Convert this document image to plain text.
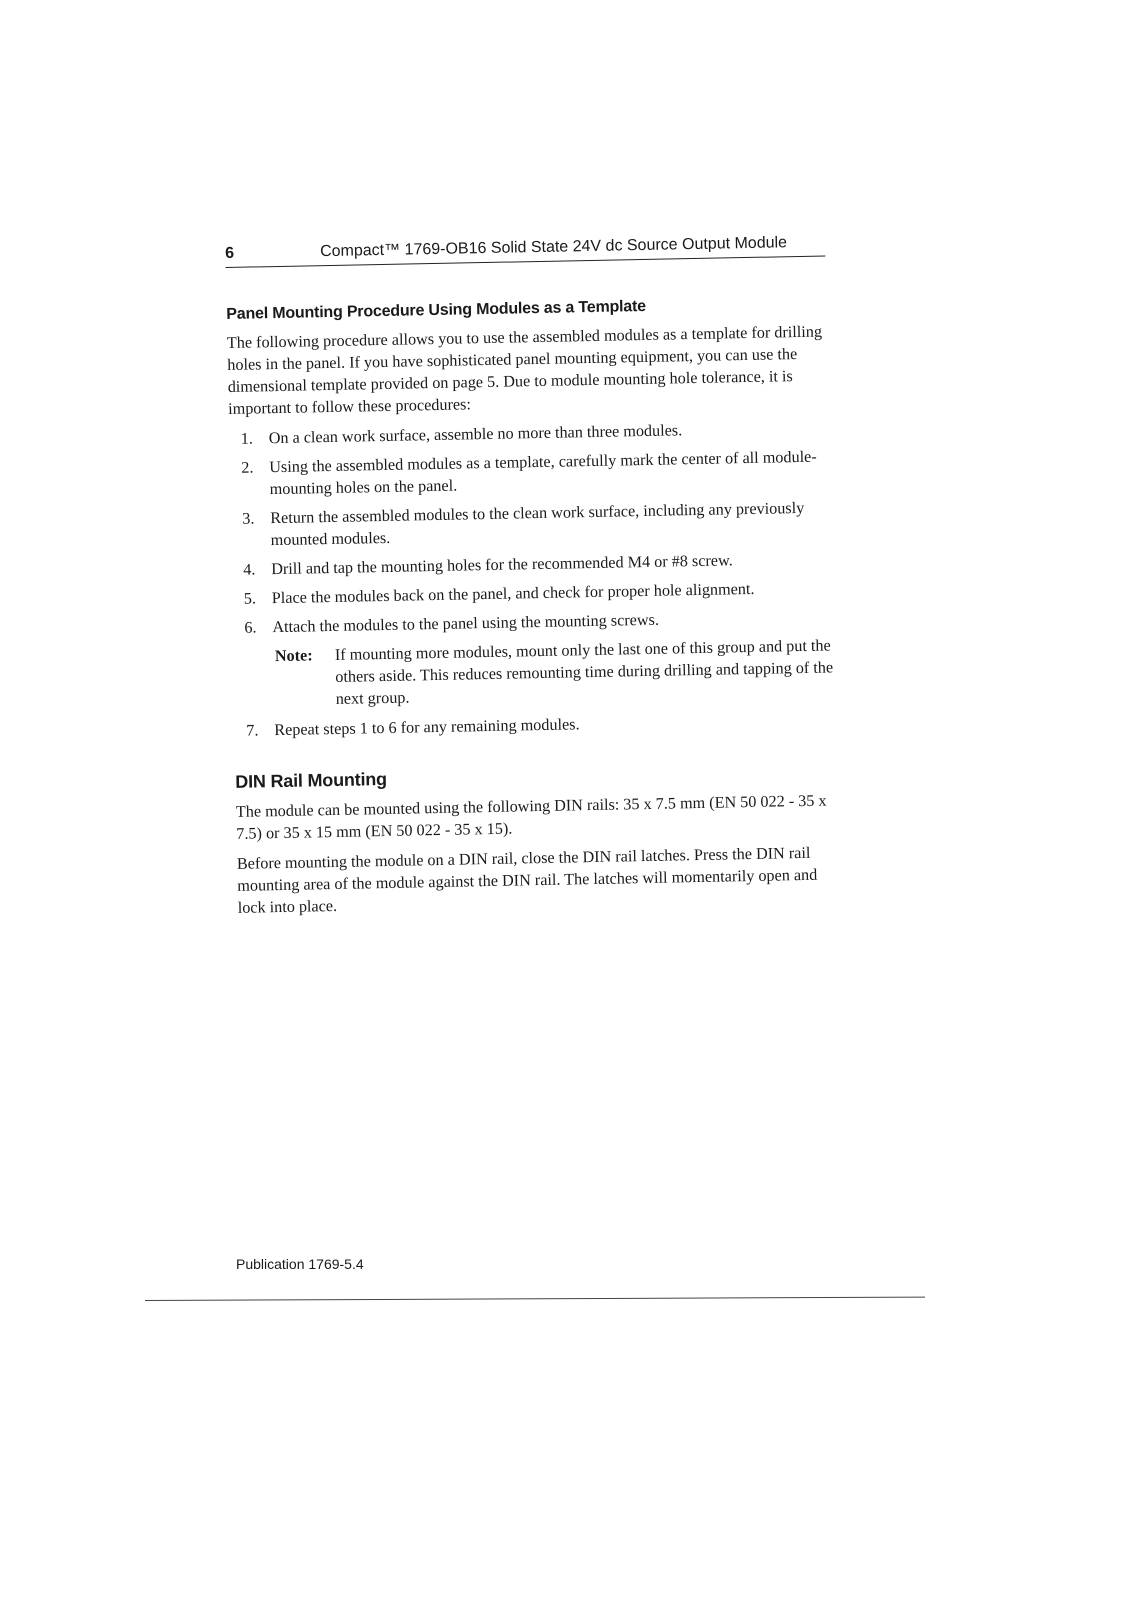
6	Compact™ 1769-OB16 Solid State 24V dc Source Output Module
Panel Mounting Procedure Using Modules as a Template

The following procedure allows you to use the assembled modules as a template for drilling holes in the panel. If you have sophisticated panel mounting equipment, you can use the dimensional template provided on page 5. Due to module mounting hole tolerance, it is important to follow these procedures:

1. On a clean work surface, assemble no more than three modules.
2. Using the assembled modules as a template, carefully mark the center of all module-mounting holes on the panel.
3. Return the assembled modules to the clean work surface, including any previously mounted modules.
4. Drill and tap the mounting holes for the recommended M4 or #8 screw.
5. Place the modules back on the panel, and check for proper hole alignment.
6. Attach the modules to the panel using the mounting screws.
Note:	If mounting more modules, mount only the last one of this group and put the others aside. This reduces remounting time during drilling and tapping of the next group.
7. Repeat steps 1 to 6 for any remaining modules.
DIN Rail Mounting

The module can be mounted using the following DIN rails: 35 x 7.5 mm (EN 50 022 - 35 x 7.5) or 35 x 15 mm (EN 50 022 - 35 x 15).

Before mounting the module on a DIN rail, close the DIN rail latches. Press the DIN rail mounting area of the module against the DIN rail. The latches will momentarily open and lock into place.

Publication 1769-5.4
